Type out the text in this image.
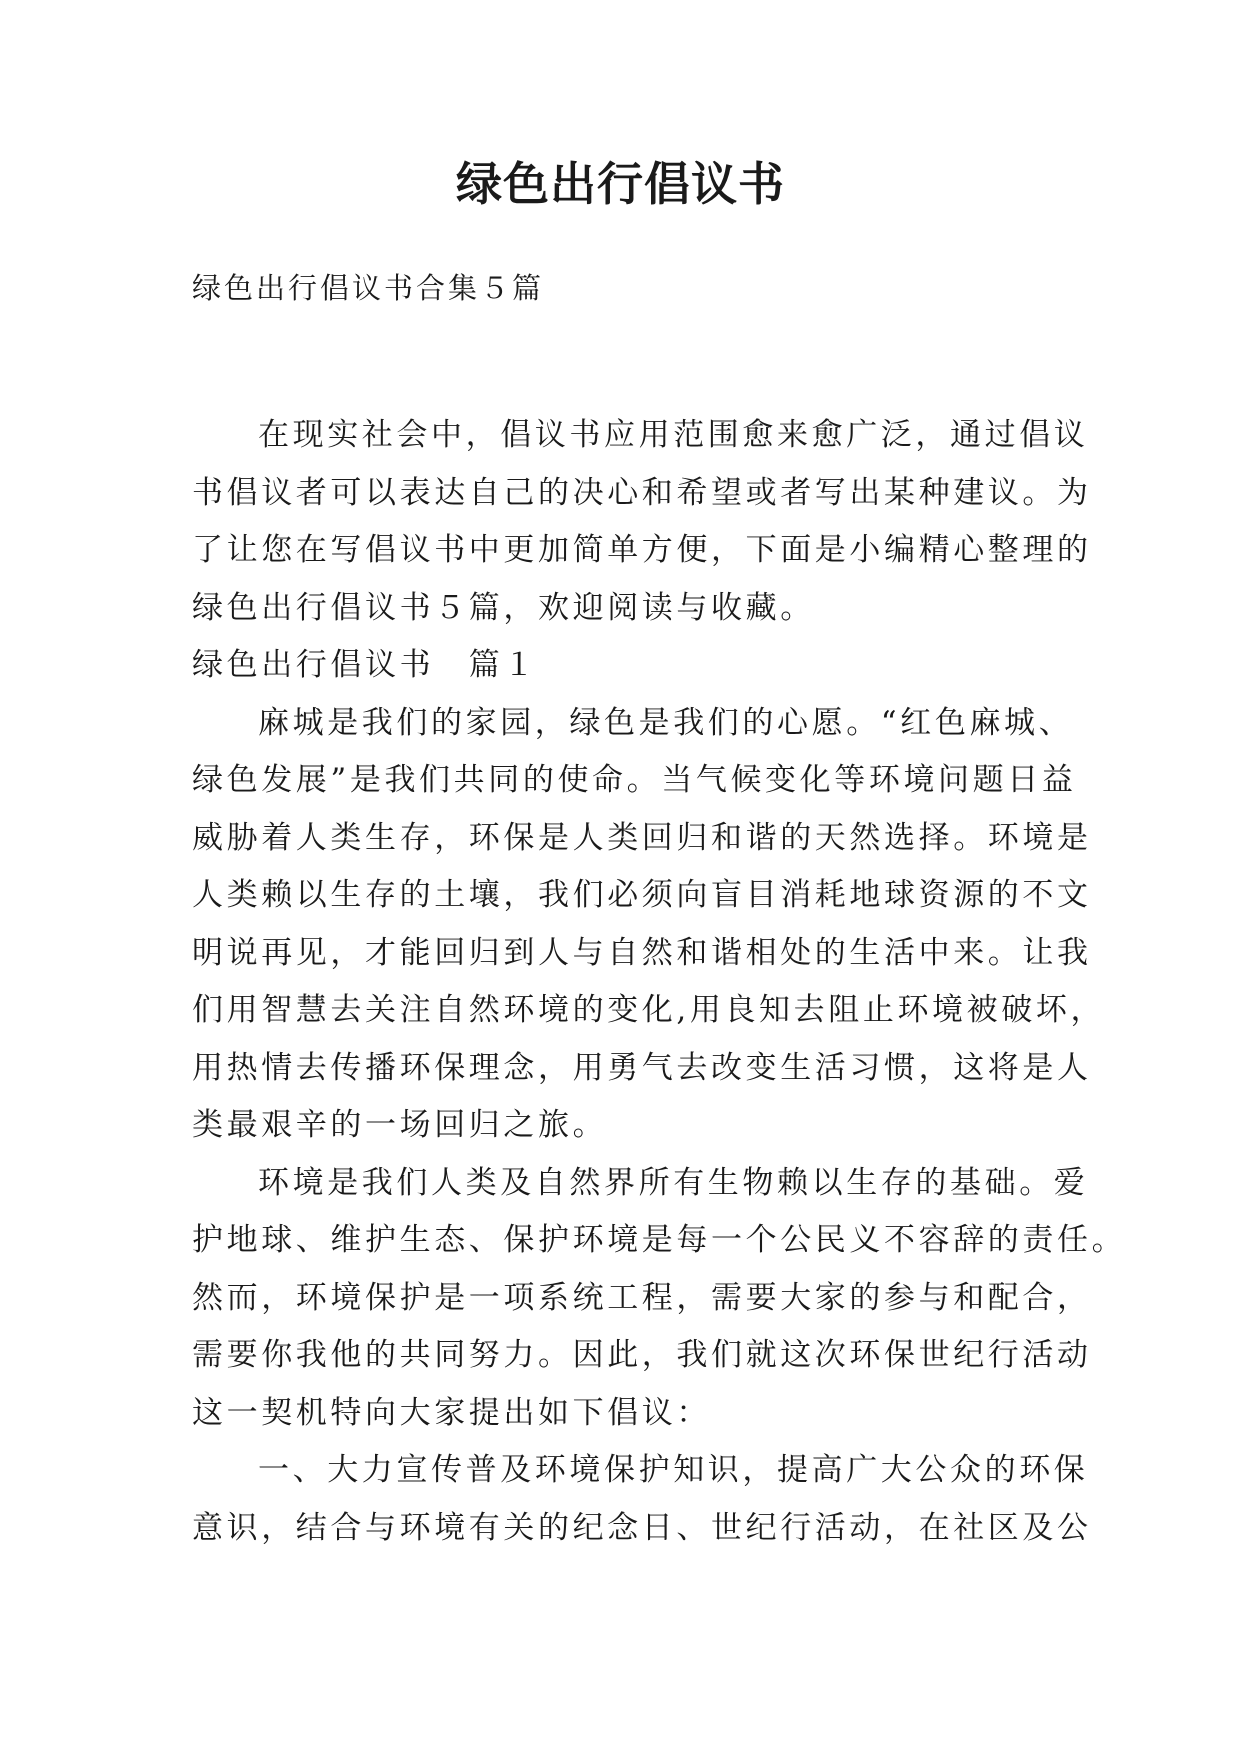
绿色出行倡议书

绿色出行倡议书合集５篇

在现实社会中，倡议书应用范围愈来愈广泛，通过倡议
书倡议者可以表达自己的决心和希望或者写出某种建议。为
了让您在写倡议书中更加简单方便，下面是小编精心整理的
绿色出行倡议书５篇，欢迎阅读与收藏。
绿色出行倡议书　篇１
麻城是我们的家园，绿色是我们的心愿。“红色麻城、
绿色发展”是我们共同的使命。当气候变化等环境问题日益
威胁着人类生存，环保是人类回归和谐的天然选择。环境是
人类赖以生存的土壤，我们必须向盲目消耗地球资源的不文
明说再见，才能回归到人与自然和谐相处的生活中来。让我
们用智慧去关注自然环境的变化,用良知去阻止环境被破坏，
用热情去传播环保理念，用勇气去改变生活习惯，这将是人
类最艰辛的一场回归之旅。
环境是我们人类及自然界所有生物赖以生存的基础。爱
护地球、维护生态、保护环境是每一个公民义不容辞的责任。
然而，环境保护是一项系统工程，需要大家的参与和配合，
需要你我他的共同努力。因此，我们就这次环保世纪行活动
这一契机特向大家提出如下倡议：
一、大力宣传普及环境保护知识，提高广大公众的环保
意识，结合与环境有关的纪念日、世纪行活动，在社区及公
